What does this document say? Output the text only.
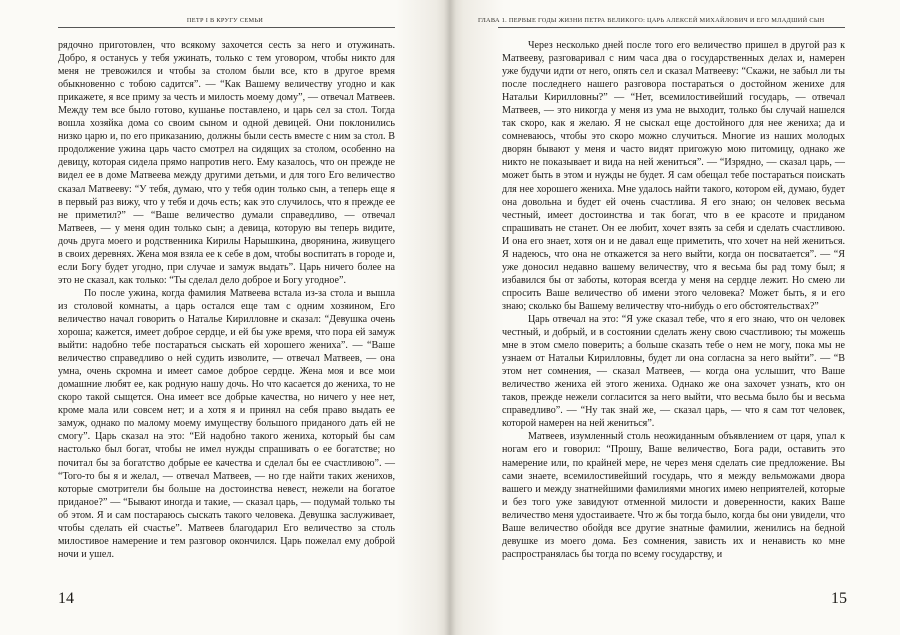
ПЕТР I В КРУГУ СЕМЬИ

рядочно приготовлен, что всякому захочется сесть за него и отужинать. Добро, я останусь у тебя ужинать, только с тем уговором, чтобы никто для меня не тревожился и чтобы за столом были все, кто в другое время обыкновенно с тобою садится”. — “Как Вашему величеству угодно и как прикажете, я все приму за честь и милость моему дому”, — отвечал Матвеев. Между тем все было готово, кушанье поставлено, и царь сел за стол. Тогда вошла хозяйка дома со своим сыном и одной девицей. Они поклонились низко царю и, по его приказанию, должны были сесть вместе с ним за стол. В продолжение ужина царь часто смотрел на сидящих за столом, особенно на девицу, которая сидела прямо напротив него. Ему казалось, что он прежде не видел ее в доме Матвеева между другими детьми, и для того Его величество сказал Матвееву: “У тебя, думаю, что у тебя один только сын, а теперь еще я в первый раз вижу, что у тебя и дочь есть; как это случилось, что я прежде ее не приметил?” — “Ваше величество думали справедливо, — отвечал Матвеев, — у меня один только сын; а девица, которую вы теперь видите, дочь друга моего и родственника Кирилы Нарышкина, дворянина, живущего в своих деревнях. Жена моя взяла ее к себе в дом, чтобы воспитать в городе и, если Богу будет угодно, при случае и замуж выдать”. Царь ничего более на это не сказал, как только: “Ты сделал дело доброе и Богу угодное”.

По после ужина, когда фамилия Матвеева встала из-за стола и вышла из столовой комнаты, а царь остался еще там с одним хозяином, Его величество начал говорить о Наталье Кирилловне и сказал: “Девушка очень хороша; кажется, имеет доброе сердце, и ей бы уже время, что пора ей замуж выйти: надобно тебе постараться сыскать ей хорошего жениха”. — “Ваше величество справедливо о ней судить изволите, — отвечал Матвеев, — она умна, очень скромна и имеет самое доброе сердце. Жена моя и все мои домашние любят ее, как родную нашу дочь. Но что касается до жениха, то не скоро такой сыщется. Она имеет все добрые качества, но ничего у нее нет, кроме мала или совсем нет; и а хотя я и принял на себя право выдать ее замуж, однако по малому моему имуществу большого приданого дать ей не смогу”. Царь сказал на это: “Ей надобно такого жениха, который бы сам настолько был богат, чтобы не имел нужды спрашивать о ее богатстве; но почитал бы за богатство добрые ее качества и сделал бы ее счастливою”. — “Того-то бы я и желал, — отвечал Матвеев, — но где найти таких женихов, которые смотрители бы больше на достоинства невест, нежели на богатое приданое?” — “Бывают иногда и такие, — сказал царь, — подумай только ты об этом. Я и сам постараюсь сыскать такого человека. Девушка заслуживает, чтобы сделать ей счастье”. Матвеев благодарил Его величество за столь милостивое намерение и тем разговор окончился. Царь пожелал ему доброй ночи и ушел.

14
ГЛАВА 1. ПЕРВЫЕ ГОДЫ ЖИЗНИ ПЕТРА ВЕЛИКОГО: ЦАРЬ АЛЕКСЕЙ МИХАЙЛОВИЧ И ЕГО МЛАДШИЙ СЫН

Через несколько дней после того его величество пришел в другой раз к Матвееву, разговаривал с ним часа два о государственных делах и, намерен уже будучи идти от него, опять сел и сказал Матвееву: “Скажи, не забыл ли ты после последнего нашего разговора постараться о достойном женихе для Натальи Кирилловны?” — “Нет, всемилостивейший государь, — отвечал Матвеев, — это никогда у меня из ума не выходит, только бы случай нашелся так скоро, как я желаю. Я не сыскал еще достойного для нее жениха; да и сомневаюсь, чтобы это скоро можно случиться. Многие из наших молодых дворян бывают у меня и часто видят пригожую мою питомицу, однако же никто не показывает и вида на ней жениться”. — “Изрядно, — сказал царь, — может быть в этом и нужды не будет. Я сам обещал тебе постараться поискать для нее хорошего жениха. Мне удалось найти такого, котором ей, думаю, будет она довольна и будет ей очень счастлива. Я его знаю; он человек весьма честный, имеет достоинства и так богат, что в ее красоте и приданом спрашивать не станет. Он ее любит, хочет взять за себя и сделать счастливою. И она его знает, хотя он и не давал еще приметить, что хочет на ней жениться. Я надеюсь, что она не откажется за него выйти, когда он посватается”. — “Я уже доносил недавно вашему величеству, что я весьма бы рад тому был; я избавился бы от заботы, которая всегда у меня на сердце лежит. Но смею ли спросить Ваше величество об имени этого человека? Может быть, я и его знаю; сколько бы Вашему величеству что-нибудь о его обстоятельствах?”

Царь отвечал на это: “Я уже сказал тебе, что я его знаю, что он человек честный, и добрый, и в состоянии сделать жену свою счастливою; ты можешь мне в этом смело поверить; а больше сказать тебе о нем не могу, пока мы не узнаем от Натальи Кирилловны, будет ли она согласна за него выйти”. — “В этом нет сомнения, — сказал Матвеев, — когда она услышит, что Ваше величество жениха ей этого жениха. Однако же она захочет узнать, кто он таков, прежде нежели согласится за него выйти, что весьма было бы и весьма справедливо”. — “Ну так знай же, — сказал царь, — что я сам тот человек, которой намерен на ней жениться”.

Матвеев, изумленный столь неожиданным объявлением от царя, упал к ногам его и говорил: “Прошу, Ваше величество, Бога ради, оставить это намерение или, по крайней мере, не через меня сделать сие предложение. Вы сами знаете, всемилостивейший государь, что я между вельможами двора вашего и между знатнейшими фамилиями многих имею неприятелей, которые и без того уже завидуют отменной милости и доверенности, каких Ваше величество меня удостаиваете. Что ж бы тогда было, когда бы они увидели, что Ваше величество обойдя все другие знатные фамилии, женились на бедной девушке из моего дома. Без сомнения, зависть их и ненависть ко мне распространялась бы тогда по всему государству, и

15
